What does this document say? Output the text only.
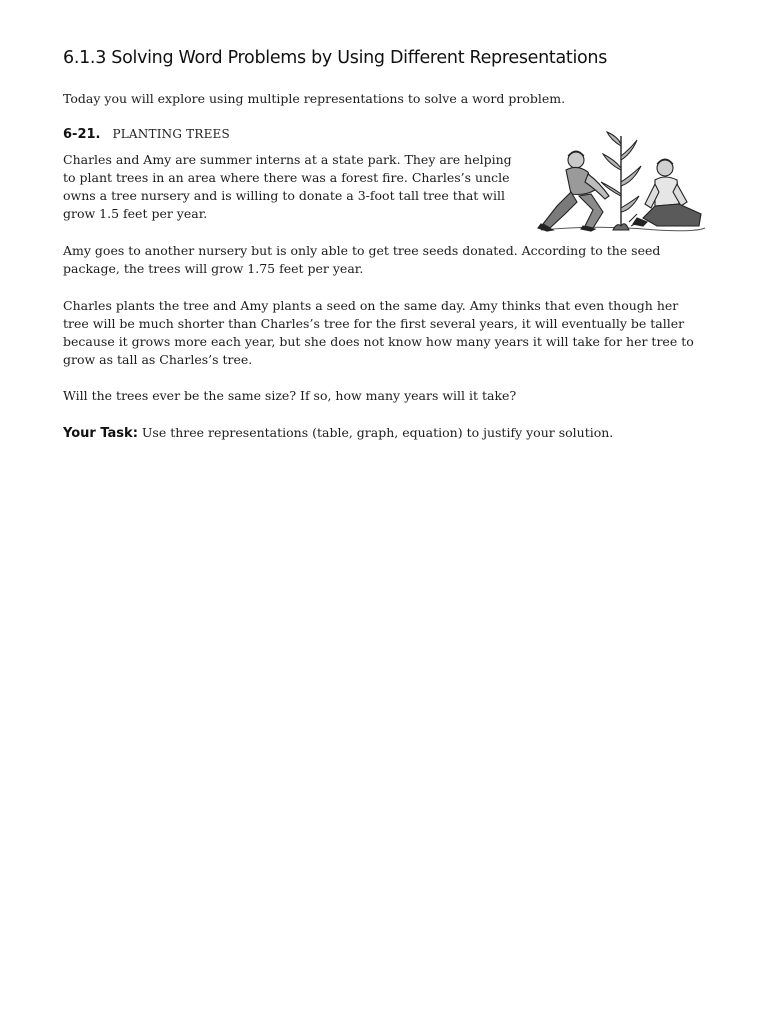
6.1.3 Solving Word Problems by Using Different Representations

Today you will explore using multiple representations to solve a word problem.

6-21. PLANTING TREES

Charles and Amy are summer interns at a state park. They are helping to plant trees in an area where there was a forest fire. Charles’s uncle owns a tree nursery and is willing to donate a 3-foot tall tree that will grow 1.5 feet per year.

Amy goes to another nursery but is only able to get tree seeds donated. According to the seed package, the trees will grow 1.75 feet per year.

Charles plants the tree and Amy plants a seed on the same day. Amy thinks that even though her tree will be much shorter than Charles’s tree for the first several years, it will eventually be taller because it grows more each year, but she does not know how many years it will take for her tree to grow as tall as Charles’s tree.

Will the trees ever be the same size? If so, how many years will it take?

Your Task: Use three representations (table, graph, equation) to justify your solution.
